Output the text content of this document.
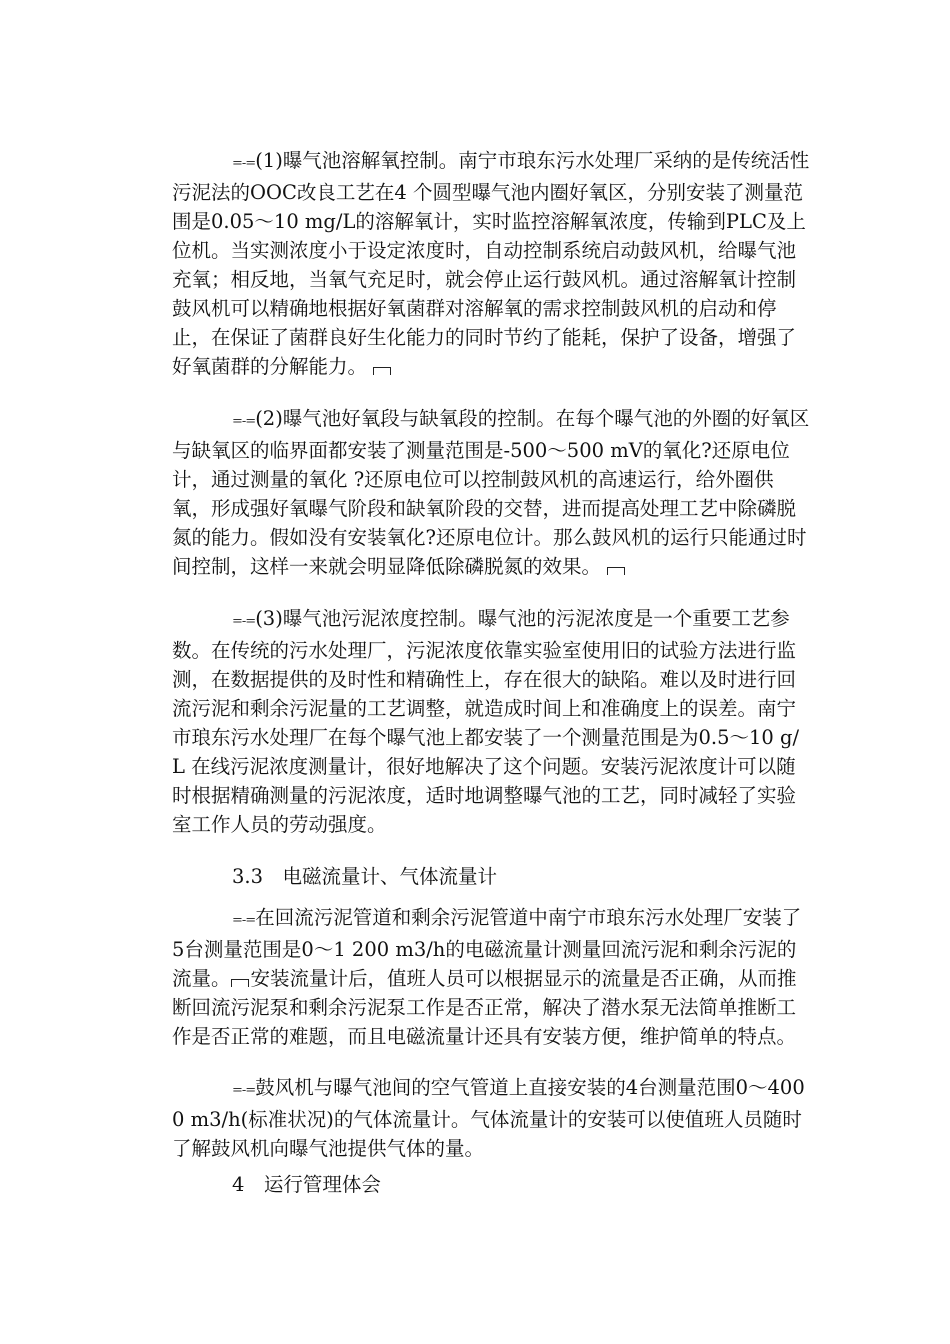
=-=(1)曝气池溶解氧控制。南宁市琅东污水处理厂采纳的是传统活性污泥法的OOC改良工艺在4 个圆型曝气池内圈好氧区，分别安装了测量范围是0.05～10 mg/L的溶解氧计，实时监控溶解氧浓度，传输到PLC及上位机。当实测浓度小于设定浓度时，自动控制系统启动鼓风机，给曝气池充氧；相反地，当氧气充足时，就会停止运行鼓风机。通过溶解氧计控制鼓风机可以精确地根据好氧菌群对溶解氧的需求控制鼓风机的启动和停止，在保证了菌群良好生化能力的同时节约了能耗，保护了设备，增强了好氧菌群的分解能力。

=-=(2)曝气池好氧段与缺氧段的控制。在每个曝气池的外圈的好氧区与缺氧区的临界面都安装了测量范围是-500～500 mV的氧化?还原电位计，通过测量的氧化 ?还原电位可以控制鼓风机的高速运行，给外圈供氧，形成强好氧曝气阶段和缺氧阶段的交替，进而提高处理工艺中除磷脱氮的能力。假如没有安装氧化?还原电位计。那么鼓风机的运行只能通过时间控制，这样一来就会明显降低除磷脱氮的效果。

=-=(3)曝气池污泥浓度控制。曝气池的污泥浓度是一个重要工艺参数。在传统的污水处理厂，污泥浓度依靠实验室使用旧的试验方法进行监测，在数据提供的及时性和精确性上，存在很大的缺陷。难以及时进行回流污泥和剩余污泥量的工艺调整，就造成时间上和准确度上的误差。南宁市琅东污水处理厂在每个曝气池上都安装了一个测量范围是为0.5～10 g/L 在线污泥浓度测量计，很好地解决了这个问题。安装污泥浓度计可以随时根据精确测量的污泥浓度，适时地调整曝气池的工艺，同时减轻了实验室工作人员的劳动强度。

3.3　电磁流量计、气体流量计

=-=在回流污泥管道和剩余污泥管道中南宁市琅东污水处理厂安装了5台测量范围是0～1 200 m3/h的电磁流量计测量回流污泥和剩余污泥的流量。 安装流量计后，值班人员可以根据显示的流量是否正确，从而推断回流污泥泵和剩余污泥泵工作是否正常，解决了潜水泵无法简单推断工作是否正常的难题，而且电磁流量计还具有安装方便，维护简单的特点。

=-=鼓风机与曝气池间的空气管道上直接安装的4台测量范围0～4000 m3/h(标准状况)的气体流量计。气体流量计的安装可以使值班人员随时了解鼓风机向曝气池提供气体的量。

4　运行管理体会
